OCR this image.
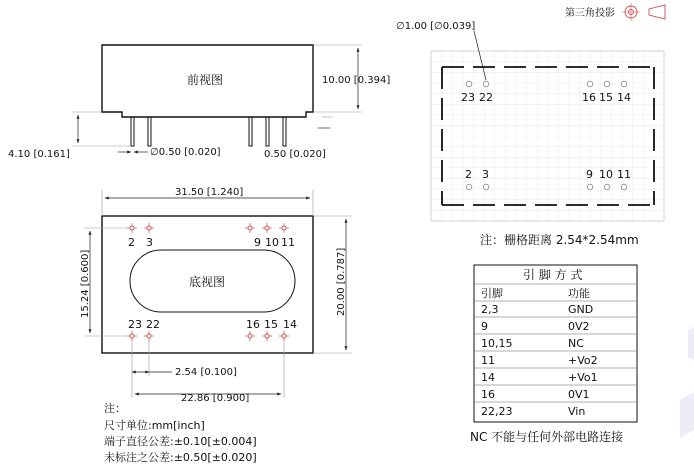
第三角投影
前视图	10.00 [0.394]
4.10 [0.161]	∅0.50 [0.020]	0.50 [0.020]
底视图
2 3	9 10 11
23 22	16 15 14
31.50 [1.240]
20.00 [0.787]
15.24 [0.600]
2.54 [0.100]
22.86 [0.900]
注：
尺寸单位:mm[inch]
端子直径公差:±0.10[±0.004]
未标注之公差:±0.50[±0.020]
23 22	16 15 14
2 3	9 10 11
∅1.00 [∅0.039]
注：栅格距离 2.54*2.54mm
引 脚 方 式
引脚	功能
2,3	GND
9	0V2
10,15	NC
11	+Vo2
14	+Vo1
16	0V1
22,23	Vin
NC 不能与任何外部电路连接
